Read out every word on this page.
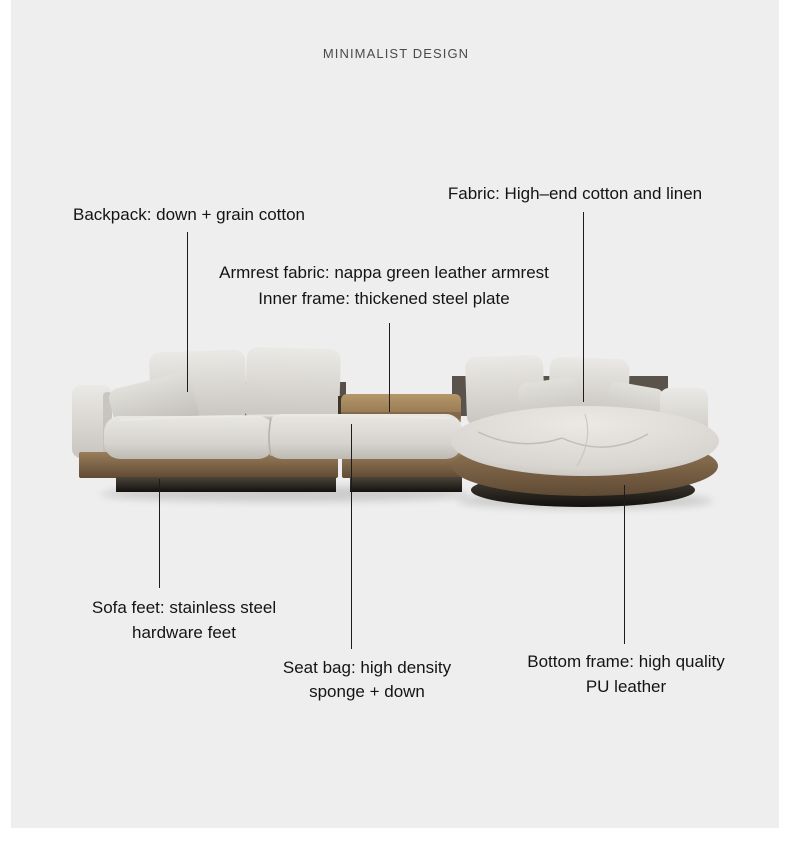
MINIMALIST DESIGN
Fabric: High–end cotton and linen
Backpack: down + grain cotton
Armrest fabric: nappa green leather armrest
Inner frame: thickened steel plate
Sofa feet: stainless steel
hardware feet
Seat bag: high density
sponge + down
Bottom frame: high quality
PU leather
